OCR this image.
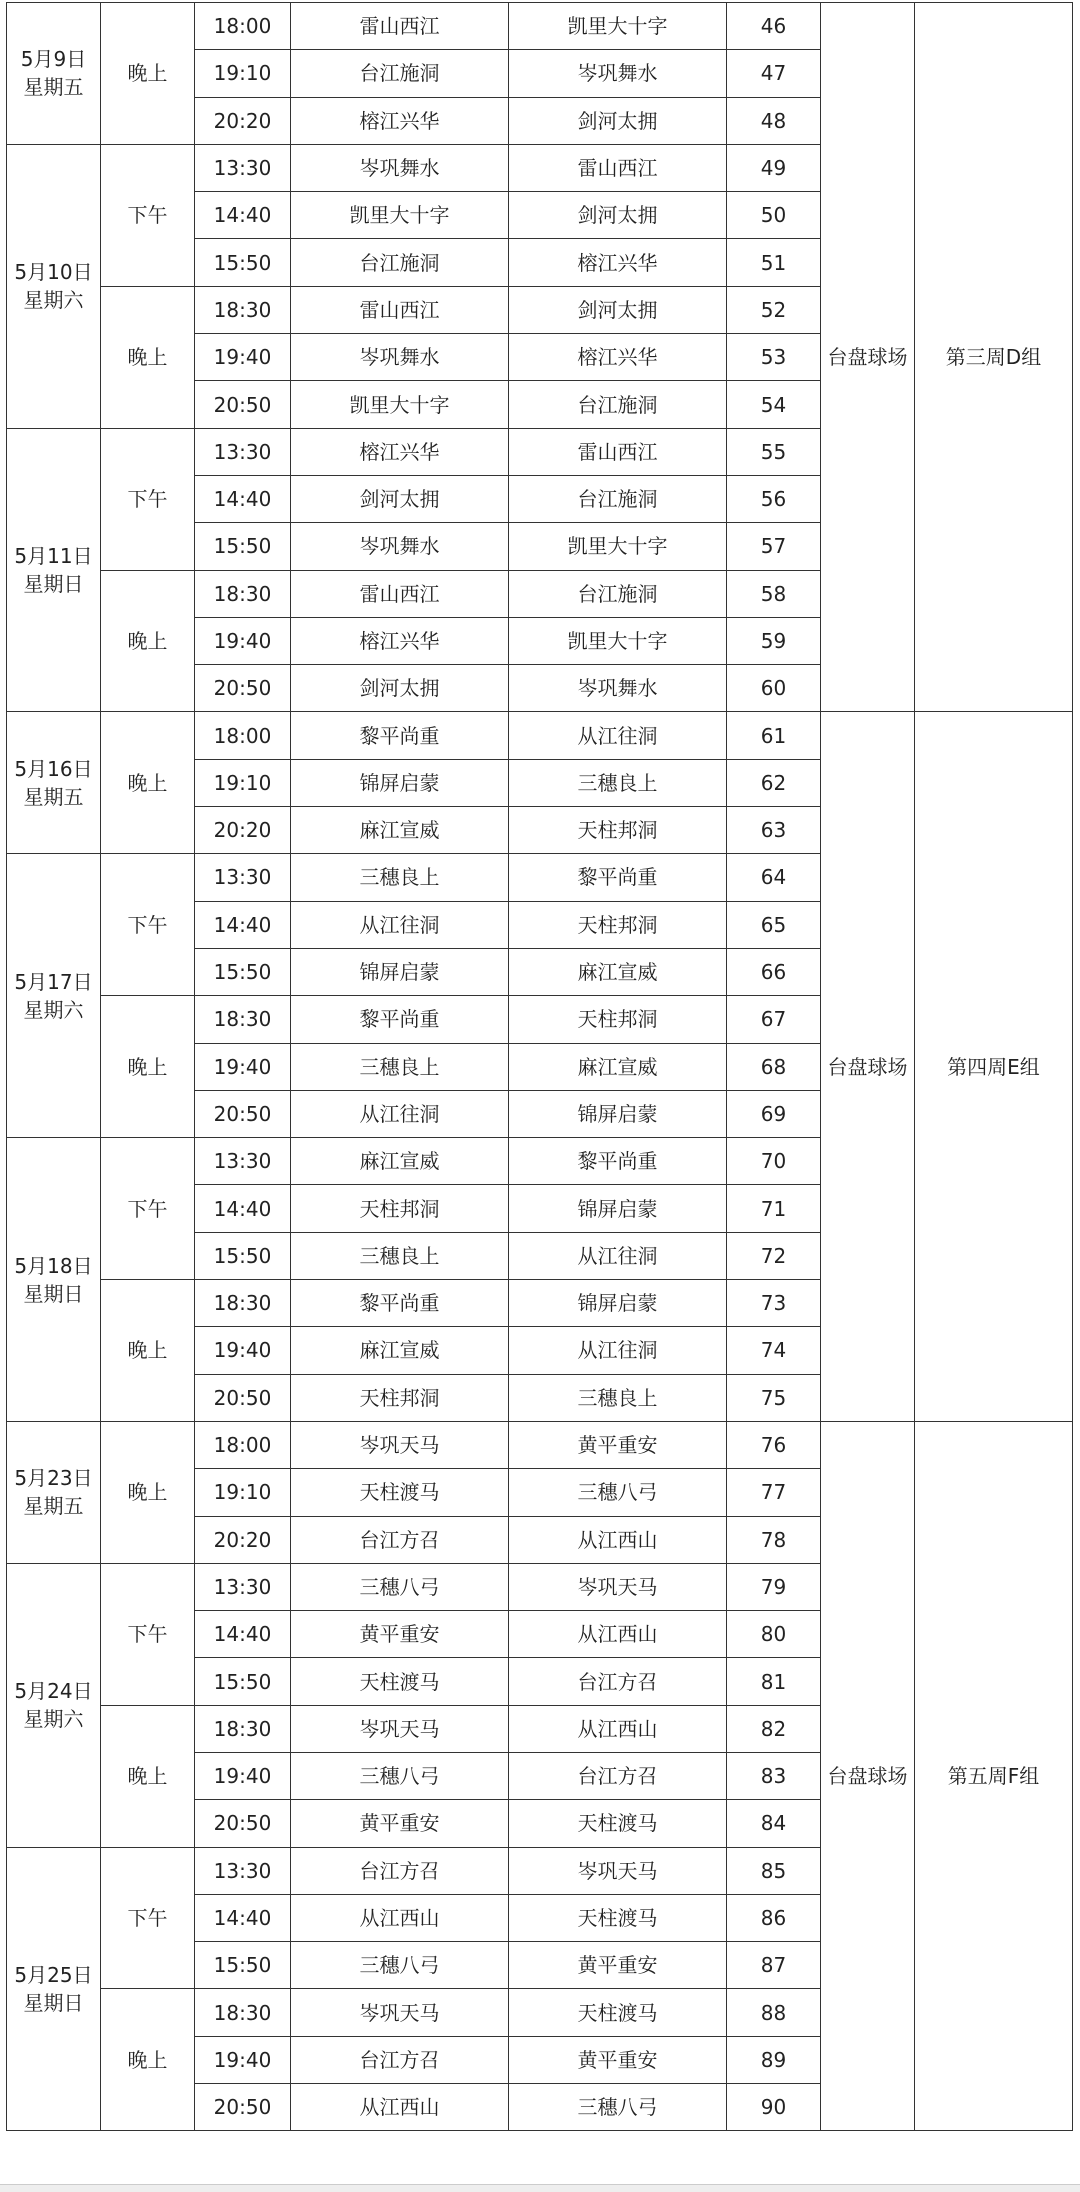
5月9日
星期五	晚上	18:00	雷山西江	凯里大十字	46	台盘球场	第三周D组
		19:10	台江施洞	岑巩舞水	47		
		20:20	榕江兴华	剑河太拥	48		

5月10日
星期六	下午	13:30	岑巩舞水	雷山西江	49		
		14:40	凯里大十字	剑河太拥	50		
		15:50	台江施洞	榕江兴华	51		
	晚上	18:30	雷山西江	剑河太拥	52		
		19:40	岑巩舞水	榕江兴华	53		
		20:50	凯里大十字	台江施洞	54		

5月11日
星期日	下午	13:30	榕江兴华	雷山西江	55		
		14:40	剑河太拥	台江施洞	56		
		15:50	岑巩舞水	凯里大十字	57		
	晚上	18:30	雷山西江	台江施洞	58		
		19:40	榕江兴华	凯里大十字	59		
		20:50	剑河太拥	岑巩舞水	60		

5月16日
星期五	晚上	18:00	黎平尚重	从江往洞	61	台盘球场	第四周E组
		19:10	锦屏启蒙	三穗良上	62		
		20:20	麻江宣威	天柱邦洞	63		

5月17日
星期六	下午	13:30	三穗良上	黎平尚重	64		
		14:40	从江往洞	天柱邦洞	65		
		15:50	锦屏启蒙	麻江宣威	66		
	晚上	18:30	黎平尚重	天柱邦洞	67		
		19:40	三穗良上	麻江宣威	68		
		20:50	从江往洞	锦屏启蒙	69		

5月18日
星期日	下午	13:30	麻江宣威	黎平尚重	70		
		14:40	天柱邦洞	锦屏启蒙	71		
		15:50	三穗良上	从江往洞	72		
	晚上	18:30	黎平尚重	锦屏启蒙	73		
		19:40	麻江宣威	从江往洞	74		
		20:50	天柱邦洞	三穗良上	75		

5月23日
星期五	晚上	18:00	岑巩天马	黄平重安	76	台盘球场	第五周F组
		19:10	天柱渡马	三穗八弓	77		
		20:20	台江方召	从江西山	78		

5月24日
星期六	下午	13:30	三穗八弓	岑巩天马	79		
		14:40	黄平重安	从江西山	80		
		15:50	天柱渡马	台江方召	81		
	晚上	18:30	岑巩天马	从江西山	82		
		19:40	三穗八弓	台江方召	83		
		20:50	黄平重安	天柱渡马	84		

5月25日
星期日	下午	13:30	台江方召	岑巩天马	85		
		14:40	从江西山	天柱渡马	86		
		15:50	三穗八弓	黄平重安	87		
	晚上	18:30	岑巩天马	天柱渡马	88		
		19:40	台江方召	黄平重安	89		
		20:50	从江西山	三穗八弓	90		
